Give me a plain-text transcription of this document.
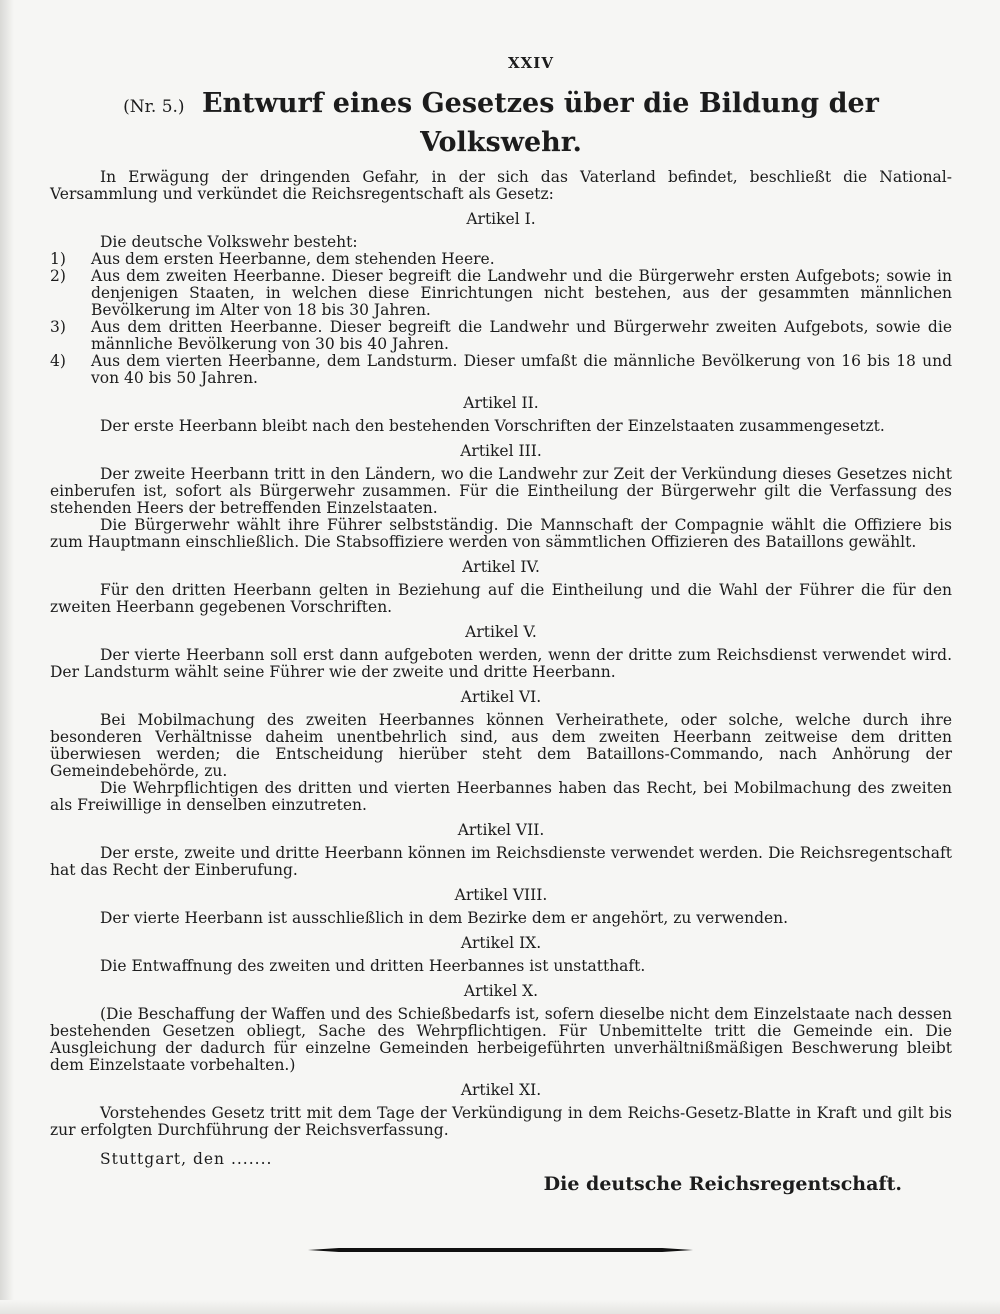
XXIV
(Nr. 5.) Entwurf eines Gesetzes über die Bildung der Volkswehr.

In Erwägung der dringenden Gefahr, in der sich das Vaterland befindet, beschließt die National-Versammlung und verkündet die Reichsregentschaft als Gesetz:

Artikel I.

Die deutsche Volkswehr besteht:

1) Aus dem ersten Heerbanne, dem stehenden Heere.
2) Aus dem zweiten Heerbanne. Dieser begreift die Landwehr und die Bürgerwehr ersten Aufgebots; sowie in denjenigen Staaten, in welchen diese Einrichtungen nicht bestehen, aus der gesammten männlichen Bevölkerung im Alter von 18 bis 30 Jahren.
3) Aus dem dritten Heerbanne. Dieser begreift die Landwehr und Bürgerwehr zweiten Aufgebots, sowie die männliche Bevölkerung von 30 bis 40 Jahren.
4) Aus dem vierten Heerbanne, dem Landsturm. Dieser umfaßt die männliche Bevölkerung von 16 bis 18 und von 40 bis 50 Jahren.
Artikel II.

Der erste Heerbann bleibt nach den bestehenden Vorschriften der Einzelstaaten zusammengesetzt.

Artikel III.

Der zweite Heerbann tritt in den Ländern, wo die Landwehr zur Zeit der Verkündung dieses Gesetzes nicht einberufen ist, sofort als Bürgerwehr zusammen. Für die Eintheilung der Bürgerwehr gilt die Verfassung des stehenden Heers der betreffenden Einzelstaaten.

Die Bürgerwehr wählt ihre Führer selbstständig. Die Mannschaft der Compagnie wählt die Offiziere bis zum Hauptmann einschließlich. Die Stabsoffiziere werden von sämmtlichen Offizieren des Bataillons gewählt.

Artikel IV.

Für den dritten Heerbann gelten in Beziehung auf die Eintheilung und die Wahl der Führer die für den zweiten Heerbann gegebenen Vorschriften.

Artikel V.

Der vierte Heerbann soll erst dann aufgeboten werden, wenn der dritte zum Reichsdienst verwendet wird. Der Landsturm wählt seine Führer wie der zweite und dritte Heerbann.

Artikel VI.

Bei Mobilmachung des zweiten Heerbannes können Verheirathete, oder solche, welche durch ihre besonderen Verhältnisse daheim unentbehrlich sind, aus dem zweiten Heerbann zeitweise dem dritten überwiesen werden; die Entscheidung hierüber steht dem Bataillons-Commando, nach Anhörung der Gemeindebehörde, zu.

Die Wehrpflichtigen des dritten und vierten Heerbannes haben das Recht, bei Mobilmachung des zweiten als Freiwillige in denselben einzutreten.

Artikel VII.

Der erste, zweite und dritte Heerbann können im Reichsdienste verwendet werden. Die Reichsregentschaft hat das Recht der Einberufung.

Artikel VIII.

Der vierte Heerbann ist ausschließlich in dem Bezirke dem er angehört, zu verwenden.

Artikel IX.

Die Entwaffnung des zweiten und dritten Heerbannes ist unstatthaft.

Artikel X.

(Die Beschaffung der Waffen und des Schießbedarfs ist, sofern dieselbe nicht dem Einzelstaate nach dessen bestehenden Gesetzen obliegt, Sache des Wehrpflichtigen. Für Unbemittelte tritt die Gemeinde ein. Die Ausgleichung der dadurch für einzelne Gemeinden herbeigeführten unverhältnißmäßigen Beschwerung bleibt dem Einzelstaate vorbehalten.)

Artikel XI.

Vorstehendes Gesetz tritt mit dem Tage der Verkündigung in dem Reichs-Gesetz-Blatte in Kraft und gilt bis zur erfolgten Durchführung der Reichsverfassung.

Stuttgart, den .......

Die deutsche Reichsregentschaft.
